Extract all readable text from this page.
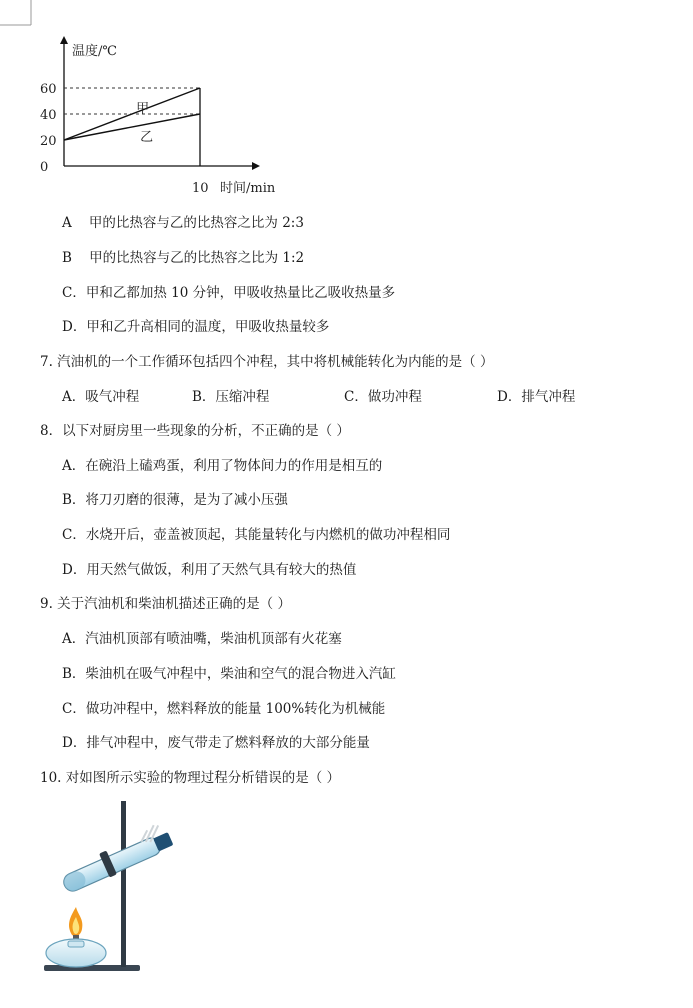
温度/℃
时间/min
60
40
20
0
10
甲
乙
A 甲的比热容与乙的比热容之比为 2:3
B 甲的比热容与乙的比热容之比为 1:2
C．甲和乙都加热 10 分钟，甲吸收热量比乙吸收热量多
D．甲和乙升高相同的温度，甲吸收热量较多
7. 汽油机的一个工作循环包括四个冲程，其中将机械能转化为内能的是（ ）
A．吸气冲程	B．压缩冲程	C．做功冲程	D．排气冲程
8．以下对厨房里一些现象的分析，不正确的是（ ）
A．在碗沿上磕鸡蛋，利用了物体间力的作用是相互的
B．将刀刃磨的很薄，是为了减小压强
C．水烧开后，壶盖被顶起，其能量转化与内燃机的做功冲程相同
D．用天然气做饭，利用了天然气具有较大的热值
9. 关于汽油机和柴油机描述正确的是（ ）
A．汽油机顶部有喷油嘴，柴油机顶部有火花塞
B．柴油机在吸气冲程中，柴油和空气的混合物进入汽缸
C．做功冲程中，燃料释放的能量 100%转化为机械能
D．排气冲程中，废气带走了燃料释放的大部分能量
10. 对如图所示实验的物理过程分析错误的是（ ）
